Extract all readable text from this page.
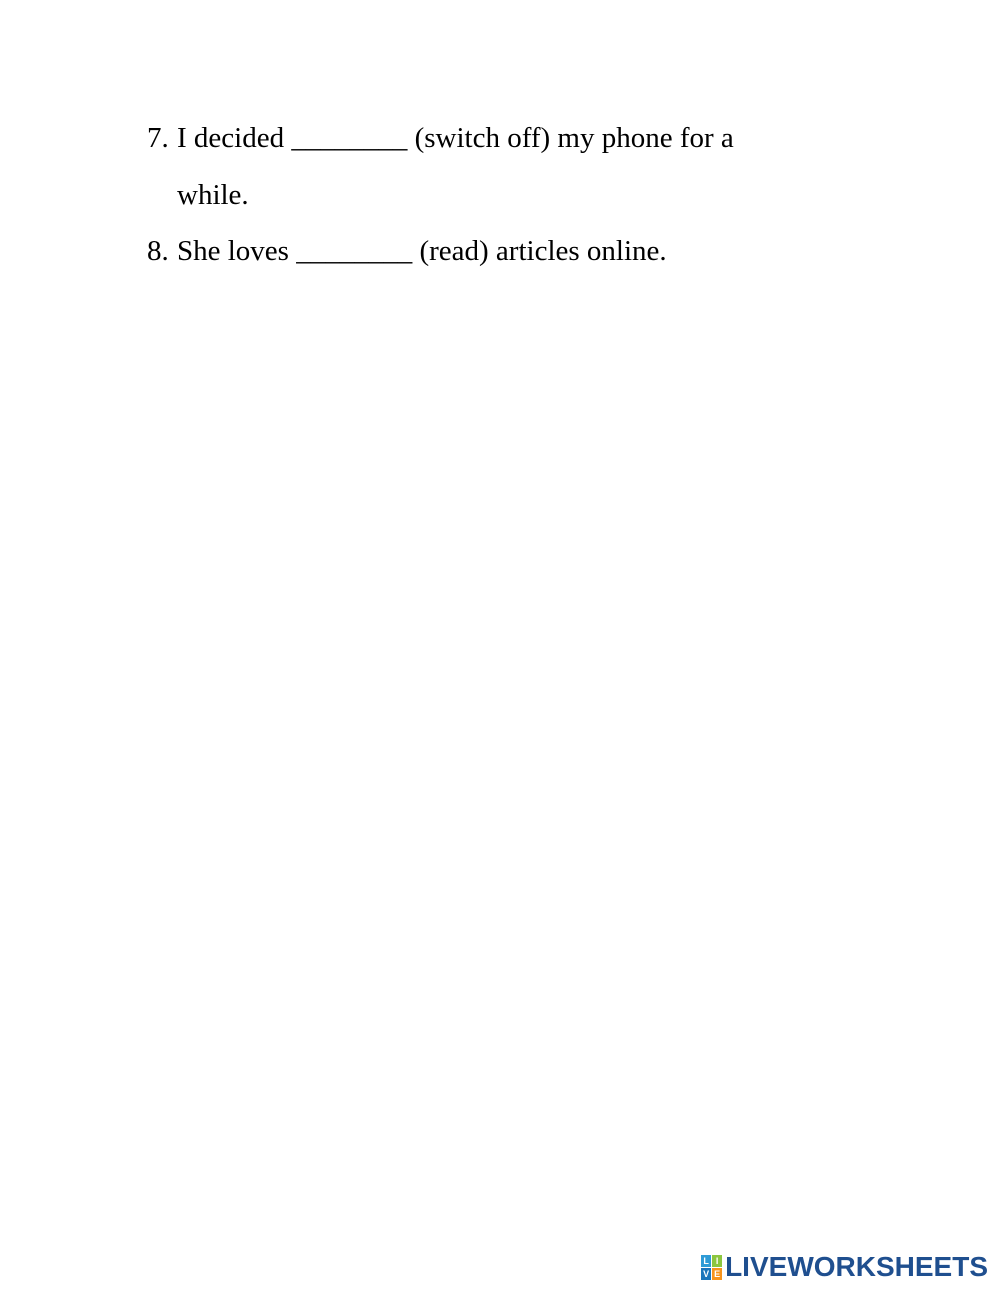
7. I decided ________ (switch off) my phone for a
while.
8. She loves ________ (read) articles online.
L I
V E LIVEWORKSHEETS
